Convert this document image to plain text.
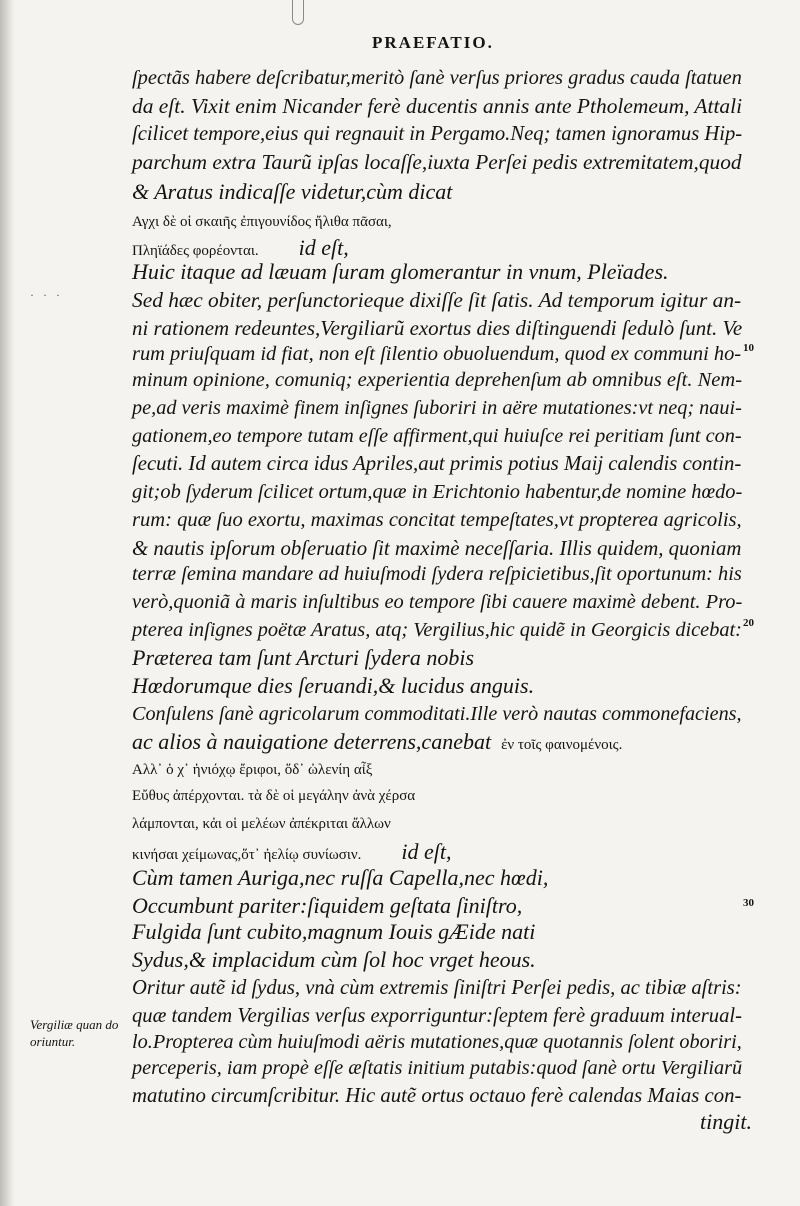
PRAEFATIO.
· · ·
ſpectãs habere deſcribatur,meritò ſanè verſus priores gradus cauda ſtatuen
da eſt. Vixit enim Nicander ferè ducentis annis ante Ptholemeum, Attali
ſcilicet tempore,eius qui regnauit in Pergamo.Neq; tamen ignoramus Hip-
parchum extra Taurũ ipſas locaſſe,iuxta Perſei pedis extremitatem,quod
& Aratus indicaſſe videtur,cùm dicat
Αγχι δὲ οἱ σκαιῆς ἐπιγουνίδος ἤλιθα πᾶσαι,
Πληϊάδες φορέονται. id eſt,
Huic itaque ad læuam ſuram glomerantur in vnum, Pleïades.
Sed hæc obiter, perſunctorieque dixiſſe ſit ſatis. Ad temporum igitur an-
ni rationem redeuntes,Vergiliarũ exortus dies diſtinguendi ſedulò ſunt. Ve
rum priuſquam id fiat, non eſt ſilentio obuoluendum, quod ex communi ho-
minum opinione, comuniq; experientia deprehenſum ab omnibus eſt. Nem-
pe,ad veris maximè finem inſignes ſuboriri in aëre mutationes:vt neq; naui-
gationem,eo tempore tutam eſſe affirment,qui huiuſce rei peritiam ſunt con-
ſecuti. Id autem circa idus Apriles,aut primis potius Maij calendis contin-
git;ob ſyderum ſcilicet ortum,quæ in Erichtonio habentur,de nomine hœdo-
rum: quæ ſuo exortu, maximas concitat tempeſtates,vt propterea agricolis,
& nautis ipſorum obſeruatio ſit maximè neceſſaria. Illis quidem, quoniam
terræ ſemina mandare ad huiuſmodi ſydera reſpicietibus,ſit oportunum: his
verò,quoniã à maris inſultibus eo tempore ſibi cauere maximè debent. Pro-
pterea inſignes poëtæ Aratus, atq; Vergilius,hic quidẽ in Georgicis dicebat:
Præterea tam ſunt Arcturi ſydera nobis
Hœdorumque dies ſeruandi,& lucidus anguis.
Conſulens ſanè agricolarum commoditati.Ille verò nautas commonefaciens,
ac alios à nauigatione deterrens,canebat ἐν τοῖς φαινομένοις.
Αλλ᾽ ὁ χ᾽ ἡνιόχῳ ἔριφοι, ὅδ᾽ ὠλενίη αἶξ
Εὔθυς ἀπέρχονται. τὰ δὲ οἱ μεγάλην ἀνὰ χέρσα
λάμπονται, κἀι οἱ μελέων ἀπέκριται ἄλλων
κινήσαι χείμωνας,ὅτ᾽ ἠελίῳ συνίωσιν. id eſt,
Cùm tamen Auriga,nec ruſſa Capella,nec hœdi,
Occumbunt pariter:ſiquidem geſtata ſiniſtro,
Fulgida ſunt cubito,magnum Iouis gÆide nati
Sydus,& implacidum cùm ſol hoc vrget heous.
Oritur autẽ id ſydus, vnà cùm extremis ſiniſtri Perſei pedis, ac tibiæ aſtris:
quæ tandem Vergilias verſus exporriguntur:ſeptem ferè graduum interual-
lo.Propterea cùm huiuſmodi aëris mutationes,quæ quotannis ſolent oboriri,
perceperis, iam propè eſſe æſtatis initium putabis:quod ſanè ortu Vergiliarũ
matutino circumſcribitur. Hic autẽ ortus octauo ferè calendas Maias con-
tingit.
10
20
30
Vergiliæ quan do oriuntur.
